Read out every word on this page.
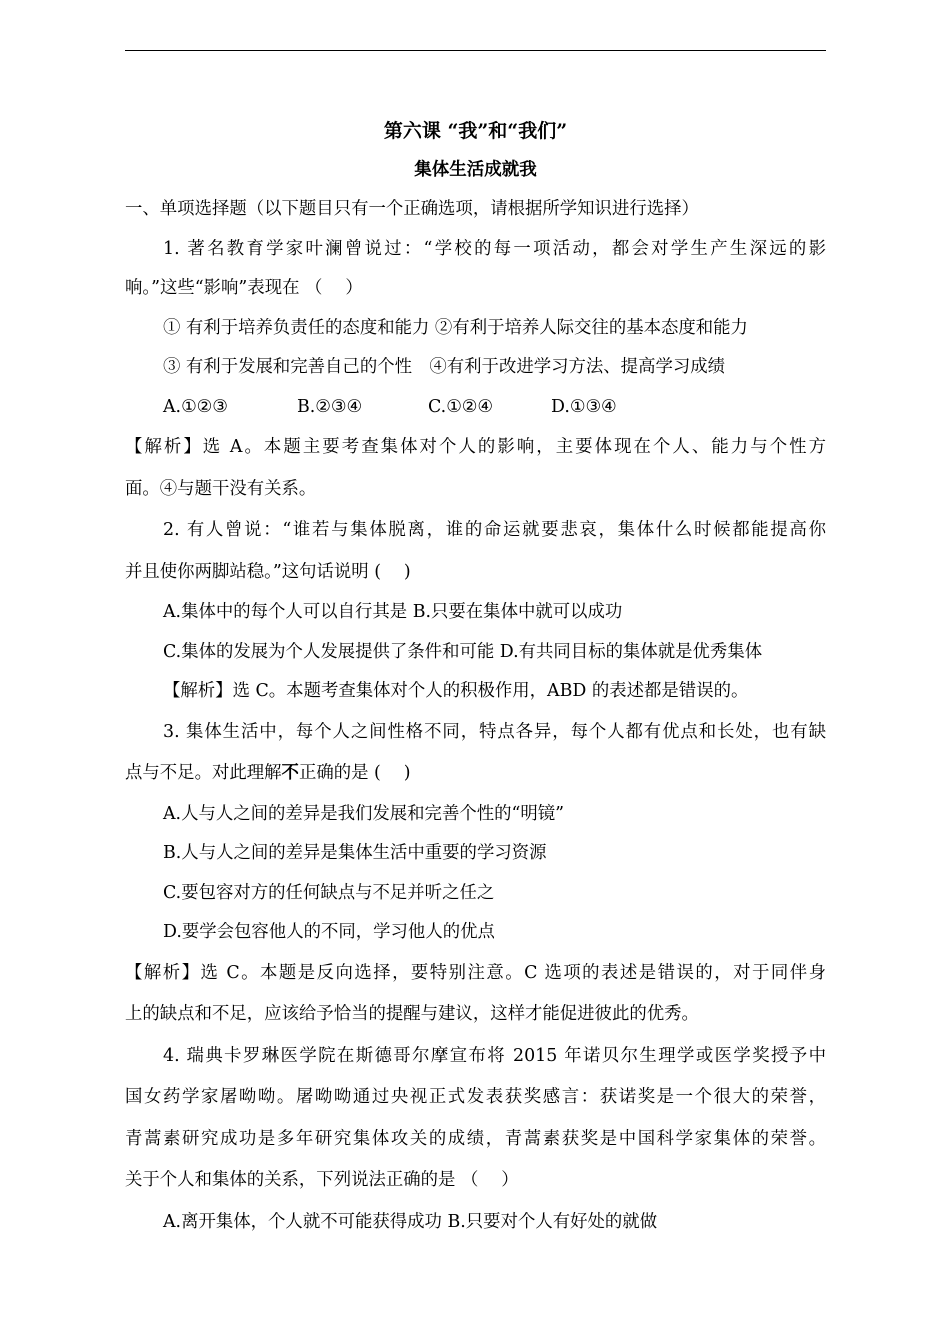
第六课 “我”和“我们”
集体生活成就我
一、单项选择题（以下题目只有一个正确选项，请根据所学知识进行选择）
1. 著名教育学家叶澜曾说过：“学校的每一项活动，都会对学生产生深远的影
响。”这些“影响”表现在 （　 ）
① 有利于培养负责任的态度和能力 ②有利于培养人际交往的基本态度和能力
③ 有利于发展和完善自己的个性　④有利于改进学习方法、提高学习成绩
A.①②③	B.②③④	C.①②④	D.①③④
【解析】选 A。本题主要考查集体对个人的影响，主要体现在个人、能力与个性方
面。④与题干没有关系。
2. 有人曾说：“谁若与集体脱离，谁的命运就要悲哀，集体什么时候都能提高你
并且使你两脚站稳。”这句话说明 (　 )
A.集体中的每个人可以自行其是 B.只要在集体中就可以成功
C.集体的发展为个人发展提供了条件和可能 D.有共同目标的集体就是优秀集体
【解析】选 C。本题考查集体对个人的积极作用，ABD 的表述都是错误的。
3. 集体生活中，每个人之间性格不同，特点各异，每个人都有优点和长处，也有缺
点与不足。对此理解不正确的是 (　 )
A.人与人之间的差异是我们发展和完善个性的“明镜”
B.人与人之间的差异是集体生活中重要的学习资源
C.要包容对方的任何缺点与不足并听之任之
D.要学会包容他人的不同，学习他人的优点
【解析】选 C。本题是反向选择，要特别注意。C 选项的表述是错误的，对于同伴身
上的缺点和不足，应该给予恰当的提醒与建议，这样才能促进彼此的优秀。
4. 瑞典卡罗琳医学院在斯德哥尔摩宣布将 2015 年诺贝尔生理学或医学奖授予中
国女药学家屠呦呦。屠呦呦通过央视正式发表获奖感言：获诺奖是一个很大的荣誉，
青蒿素研究成功是多年研究集体攻关的成绩，青蒿素获奖是中国科学家集体的荣誉。
关于个人和集体的关系，下列说法正确的是 （　 ）
A.离开集体，个人就不可能获得成功 B.只要对个人有好处的就做
